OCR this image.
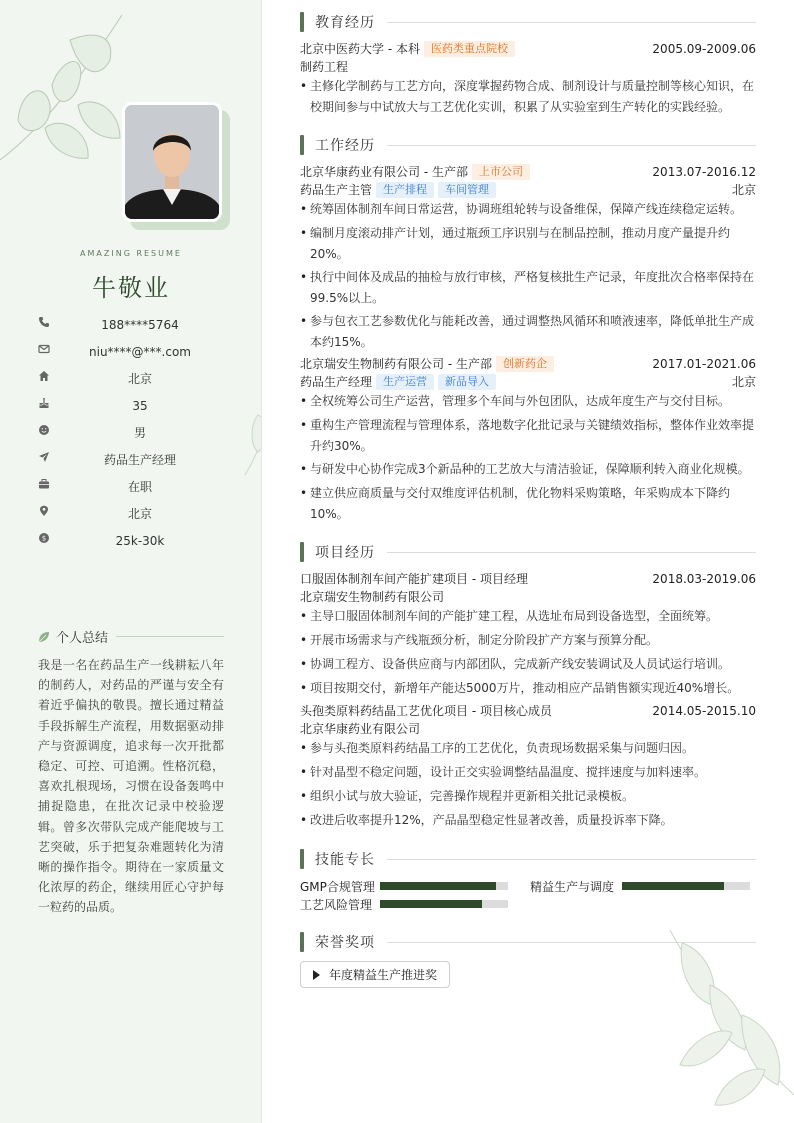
AMAZING RESUME
牛敬业
188****5764
niu****@***.com
北京
35
男
药品生产经理
在职
北京
$	25k-30k
个人总结
我是一名在药品生产一线耕耘八年的制药人，对药品的严谨与安全有着近乎偏执的敬畏。擅长通过精益手段拆解生产流程，用数据驱动排产与资源调度，追求每一次开批都稳定、可控、可追溯。性格沉稳，喜欢扎根现场，习惯在设备轰鸣中捕捉隐患，在批次记录中校验逻辑。曾多次带队完成产能爬坡与工艺突破，乐于把复杂难题转化为清晰的操作指令。期待在一家质量文化浓厚的药企，继续用匠心守护每一粒药的品质。
教育经历
北京中医药大学 - 本科 医药类重点院校	2005.09-2009.06
制药工程
• 主修化学制药与工艺方向，深度掌握药物合成、制剂设计与质量控制等核心知识，在校期间参与中试放大与工艺优化实训，积累了从实验室到生产转化的实践经验。
工作经历
北京华康药业有限公司 - 生产部 上市公司	2013.07-2016.12
药品生产主管 生产排程 车间管理	北京
• 统筹固体制剂车间日常运营，协调班组轮转与设备维保，保障产线连续稳定运转。
• 编制月度滚动排产计划，通过瓶颈工序识别与在制品控制，推动月度产量提升约20%。
• 执行中间体及成品的抽检与放行审核，严格复核批生产记录，年度批次合格率保持在99.5%以上。
• 参与包衣工艺参数优化与能耗改善，通过调整热风循环和喷液速率，降低单批生产成本约15%。
北京瑞安生物制药有限公司 - 生产部 创新药企	2017.01-2021.06
药品生产经理 生产运营 新品导入	北京
• 全权统筹公司生产运营，管理多个车间与外包团队，达成年度生产与交付目标。
• 重构生产管理流程与管理体系，落地数字化批记录与关键绩效指标，整体作业效率提升约30%。
• 与研发中心协作完成3个新品种的工艺放大与清洁验证，保障顺利转入商业化规模。
• 建立供应商质量与交付双维度评估机制，优化物料采购策略，年采购成本下降约10%。
项目经历
口服固体制剂车间产能扩建项目 - 项目经理	2018.03-2019.06
北京瑞安生物制药有限公司
• 主导口服固体制剂车间的产能扩建工程，从选址布局到设备选型，全面统筹。
• 开展市场需求与产线瓶颈分析，制定分阶段扩产方案与预算分配。
• 协调工程方、设备供应商与内部团队，完成新产线安装调试及人员试运行培训。
• 项目按期交付，新增年产能达5000万片，推动相应产品销售额实现近40%增长。
头孢类原料药结晶工艺优化项目 - 项目核心成员	2014.05-2015.10
北京华康药业有限公司
• 参与头孢类原料药结晶工序的工艺优化，负责现场数据采集与问题归因。
• 针对晶型不稳定问题，设计正交实验调整结晶温度、搅拌速度与加料速率。
• 组织小试与放大验证，完善操作规程并更新相关批记录模板。
• 改进后收率提升12%，产品晶型稳定性显著改善，质量投诉率下降。
技能专长
GMP合规管理	精益生产与调度
工艺风险管理
荣誉奖项
年度精益生产推进奖
